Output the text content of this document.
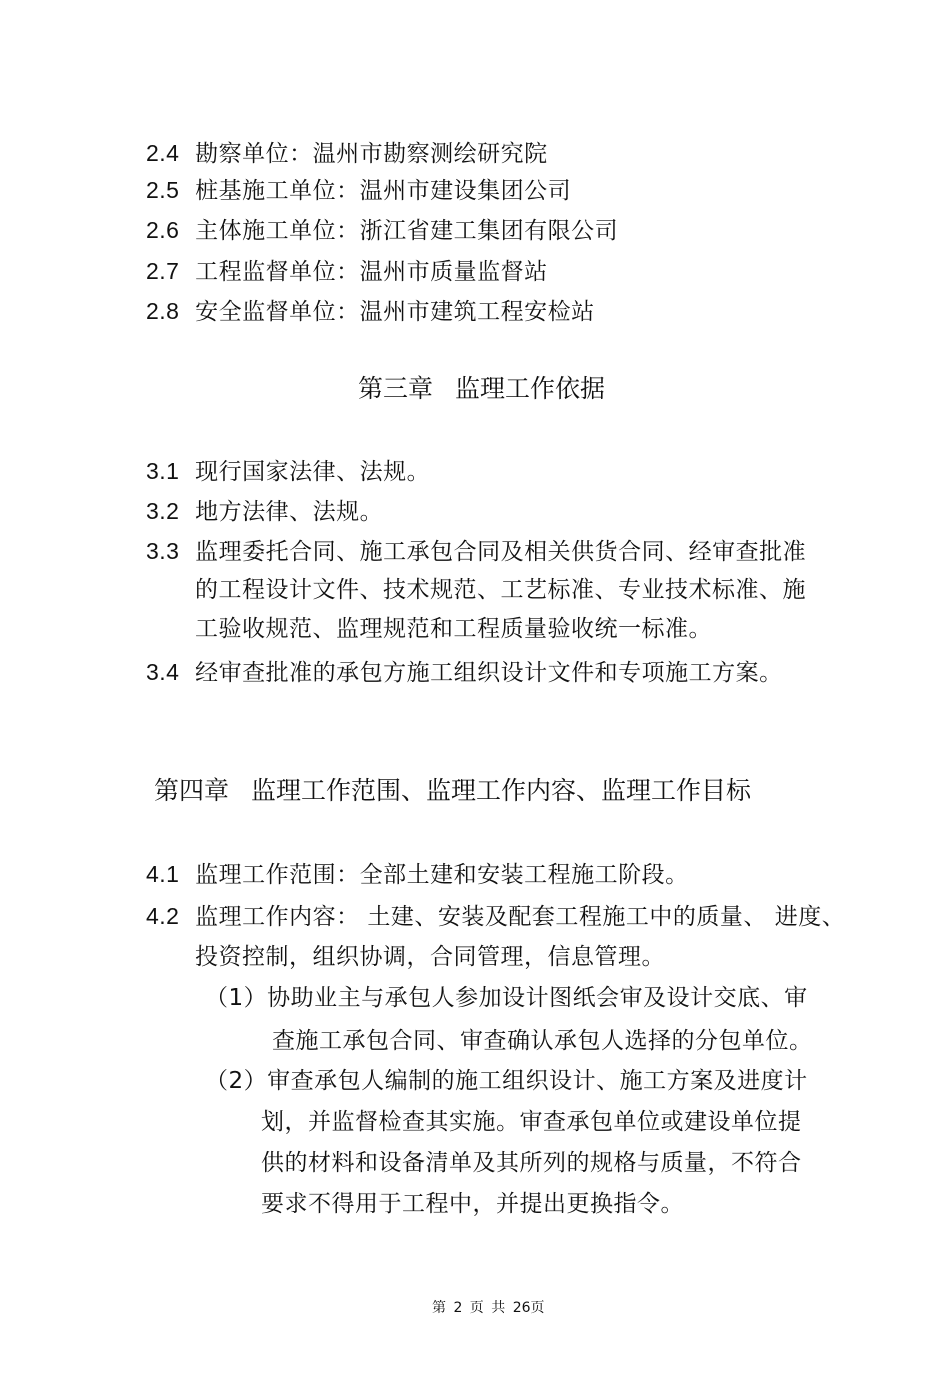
2.4 勘察单位：温州市勘察测绘研究院
2.5 桩基施工单位：温州市建设集团公司
2.6 主体施工单位：浙江省建工集团有限公司
2.7 工程监督单位：温州市质量监督站
2.8 安全监督单位：温州市建筑工程安检站
第三章 监理工作依据
3.1 现行国家法律、法规。
3.2 地方法律、法规。
3.3 监理委托合同、施工承包合同及相关供货合同、经审查批准
的工程设计文件、技术规范、工艺标准、专业技术标准、施
工验收规范、监理规范和工程质量验收统一标准。
3.4 经审查批准的承包方施工组织设计文件和专项施工方案。
第四章 监理工作范围、监理工作内容、监理工作目标
4.1 监理工作范围：全部土建和安装工程施工阶段。
4.2 监理工作内容： 土建、安装及配套工程施工中的质量、 进度、
投资控制，组织协调，合同管理，信息管理。
（1）协助业主与承包人参加设计图纸会审及设计交底、审
查施工承包合同、审查确认承包人选择的分包单位。
（2）审查承包人编制的施工组织设计、施工方案及进度计
划，并监督检查其实施。审查承包单位或建设单位提
供的材料和设备清单及其所列的规格与质量，不符合
要求不得用于工程中，并提出更换指令。
第 2 页 共 26页
